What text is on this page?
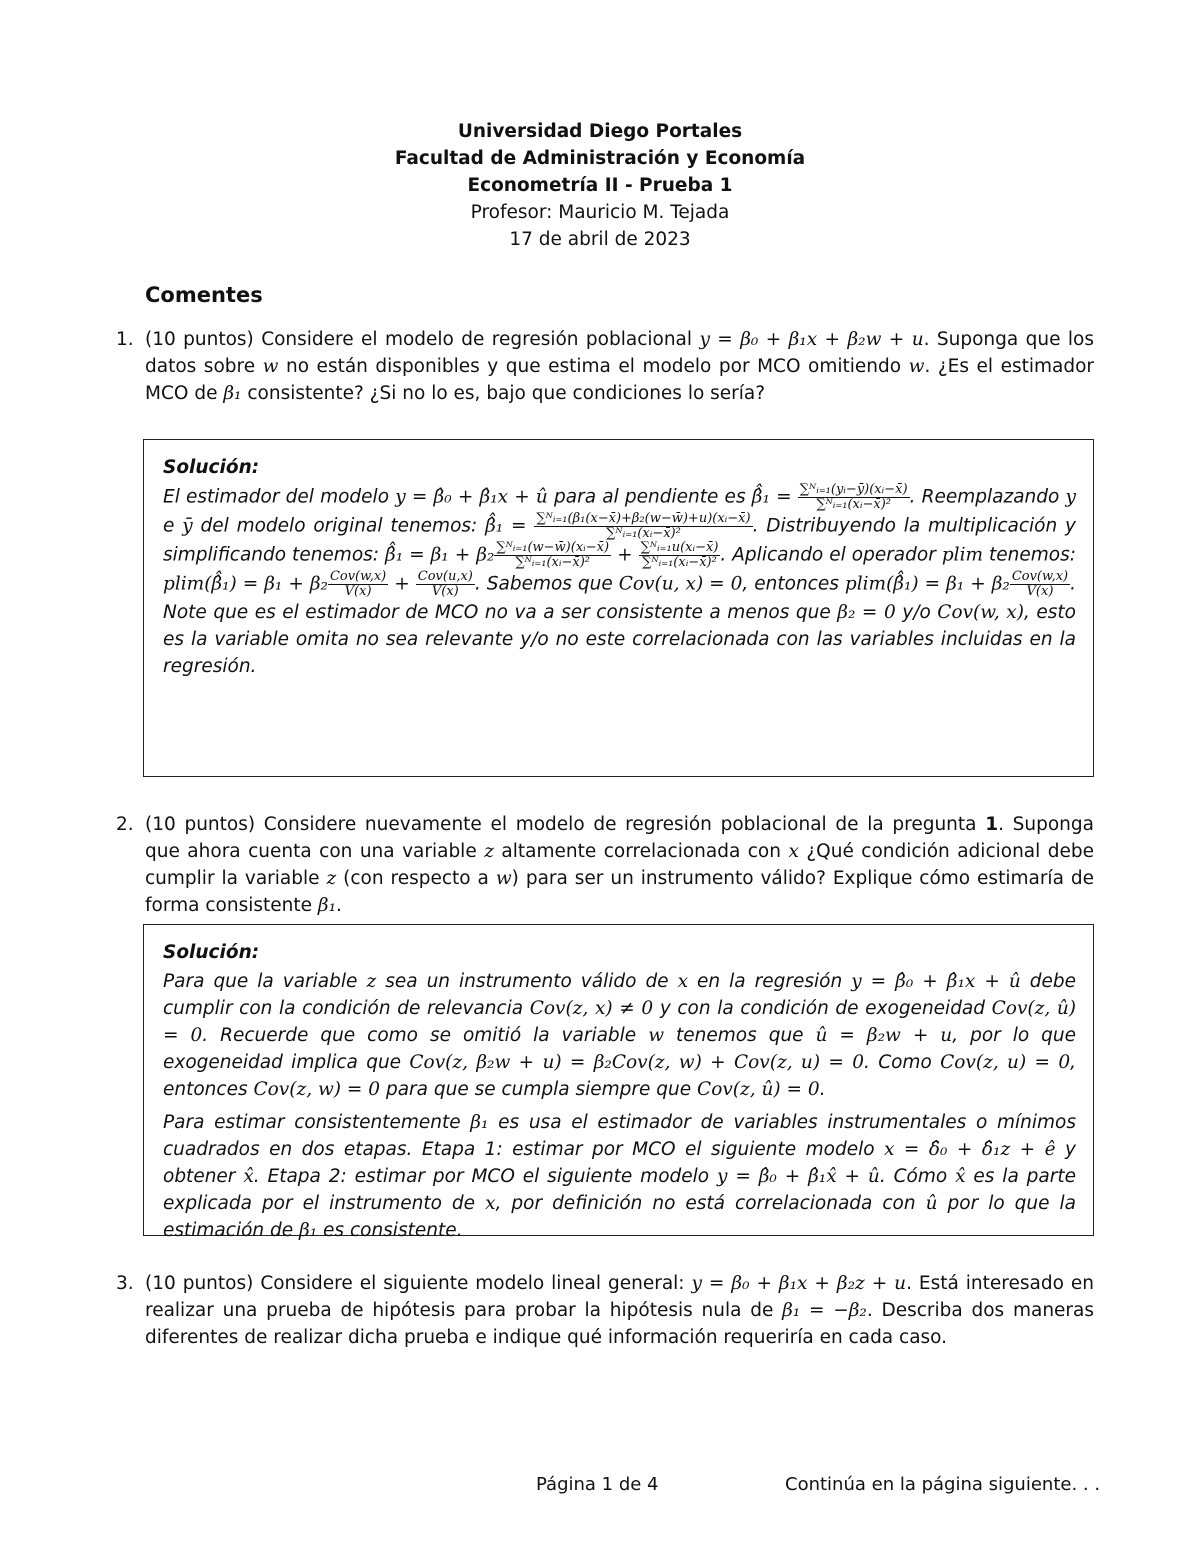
Universidad Diego Portales
Facultad de Administración y Economía
Econometría II - Prueba 1
Profesor: Mauricio M. Tejada
17 de abril de 2023
Comentes
1. (10 puntos) Considere el modelo de regresión poblacional y = β₀ + β₁x + β₂w + u. Suponga que los datos sobre w no están disponibles y que estima el modelo por MCO omitiendo w. ¿Es el estimador MCO de β₁ consistente? ¿Si no lo es, bajo que condiciones lo sería?
Solución:

El estimador del modelo y = β̂₀ + β̂₁x + û para al pendiente es β̂̂₁ = $\frac{\text{∑ᴺᵢ₌₁(yᵢ−ȳ)(xᵢ−x̄)}}{\text{∑ᴺᵢ₌₁(xᵢ−x̄)²}}$ . Reemplazando y e ȳ del modelo original tenemos: β̂̂₁ = $\frac{\text{∑ᴺᵢ₌₁(β₁(x−x̄)+β₂(w−w̄)+u)(xᵢ−x̄)}}{\text{∑ᴺᵢ₌₁(xᵢ−x̄)²}}$ . Distribuyendo la multiplicación y simplificando tenemos: β̂̂₁ = $\beta_1 + \beta_2 \frac{\text{∑ᴺᵢ₌₁(w−w̄)(xᵢ−x̄)}}{\text{∑ᴺᵢ₌₁(xᵢ−x̄)²}} + \frac{\text{∑ᴺᵢ₌₁u(xᵢ−x̄)}}{\text{∑ᴺᵢ₌₁(xᵢ−x̄)²}}$ . Aplicando el operador plim tenemos: plim(β̂̂₁) = $\beta_1 + \beta_2 \frac{\text{Cov(w,x)}}{V(x)} + \frac{\text{Cov(u,x)}}{V(x)}$ . Sabemos que Cov(u, x) = 0, entonces plim(β̂̂₁) = $\beta_1 + \beta_2 \frac{\text{Cov(w,x)}}{V(x)}$ . Note que es el estimador de MCO no va a ser consistente a menos que β₂ = 0 y/o Cov(w, x), esto es la variable omita no sea relevante y/o no este correlacionada con las variables incluidas en la regresión.

2. (10 puntos) Considere nuevamente el modelo de regresión poblacional de la pregunta 1. Suponga que ahora cuenta con una variable z altamente correlacionada con x ¿Qué condición adicional debe cumplir la variable z (con respecto a w) para ser un instrumento válido? Explique cómo estimaría de forma consistente β₁.
Solución:

Para que la variable z sea un instrumento válido de x en la regresión y = β̂₀ + β̂₁x + û debe cumplir con la condición de relevancia Cov(z, x) ≠ 0 y con la condición de exogeneidad Cov(z, û) = 0. Recuerde que como se omitió la variable w tenemos que û = β₂w + u, por lo que exogeneidad implica que Cov(z, β₂w + u) = β₂Cov(z, w) + Cov(z, u) = 0. Como Cov(z, u) = 0, entonces Cov(z, w) = 0 para que se cumpla siempre que Cov(z, û) = 0.

Para estimar consistentemente β₁ es usa el estimador de variables instrumentales o mínimos cuadrados en dos etapas. Etapa 1: estimar por MCO el siguiente modelo x = δ̂₀ + δ̂₁z + ê y obtener x̂. Etapa 2: estimar por MCO el siguiente modelo y = β̂₀ + β̂₁x̂ + û. Cómo x̂ es la parte explicada por el instrumento de x, por definición no está correlacionada con û por lo que la estimación de β₁ es consistente.

3. (10 puntos) Considere el siguiente modelo lineal general: y = β₀ + β₁x + β₂z + u. Está interesado en realizar una prueba de hipótesis para probar la hipótesis nula de β₁ = −β₂. Describa dos maneras diferentes de realizar dicha prueba e indique qué información requeriría en cada caso.
Página 1 de 4	Continúa en la página siguiente. . .
